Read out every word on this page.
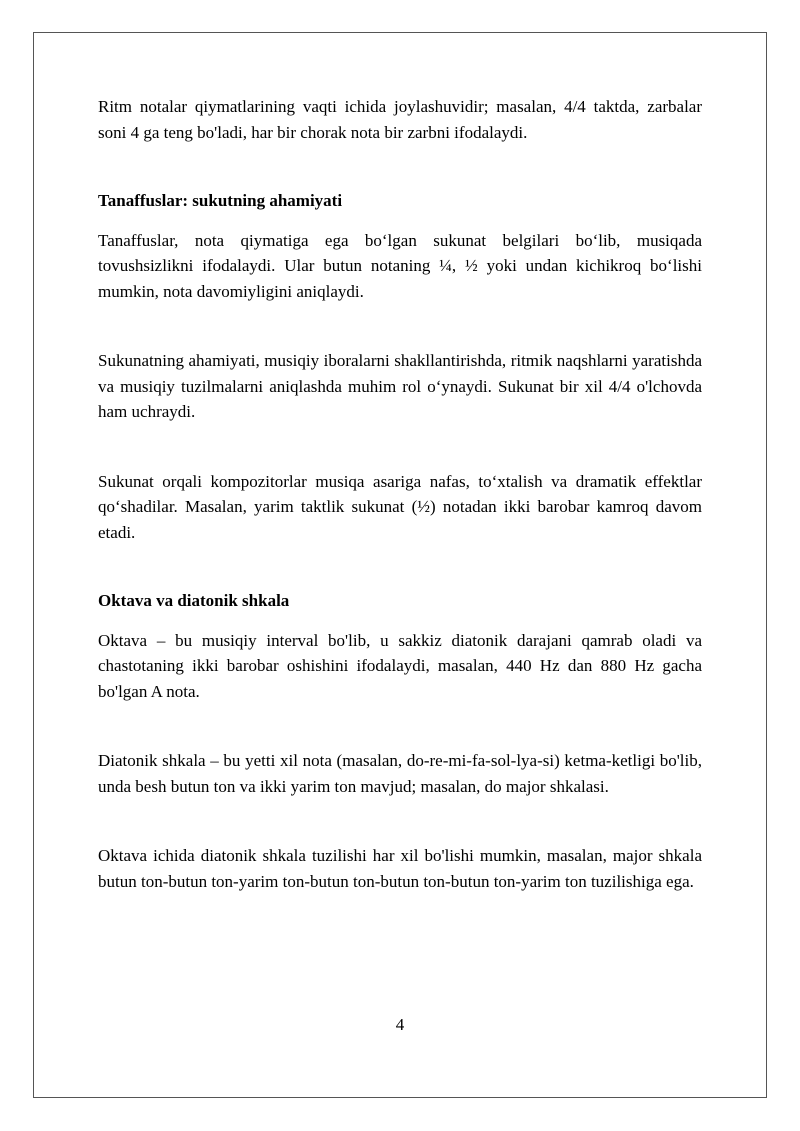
Ritm notalar qiymatlarining vaqti ichida joylashuvidir; masalan, 4/4 taktda, zarbalar soni 4 ga teng bo'ladi, har bir chorak nota bir zarbni ifodalaydi.

Tanaffuslar: sukutning ahamiyati

Tanaffuslar, nota qiymatiga ega bo‘lgan sukunat belgilari bo‘lib, musiqada tovushsizlikni ifodalaydi. Ular butun notaning ¼, ½ yoki undan kichikroq bo‘lishi mumkin, nota davomiyligini aniqlaydi.

Sukunatning ahamiyati, musiqiy iboralarni shakllantirishda, ritmik naqshlarni yaratishda va musiqiy tuzilmalarni aniqlashda muhim rol o‘ynaydi. Sukunat bir xil 4/4 o'lchovda ham uchraydi.

Sukunat orqali kompozitorlar musiqa asariga nafas, to‘xtalish va dramatik effektlar qo‘shadilar. Masalan, yarim taktlik sukunat (½) notadan ikki barobar kamroq davom etadi.

Oktava va diatonik shkala

Oktava – bu musiqiy interval bo'lib, u sakkiz diatonik darajani qamrab oladi va chastotaning ikki barobar oshishini ifodalaydi, masalan, 440 Hz dan 880 Hz gacha bo'lgan A nota.

Diatonik shkala – bu yetti xil nota (masalan, do-re-mi-fa-sol-lya-si) ketma-ketligi bo'lib, unda besh butun ton va ikki yarim ton mavjud; masalan, do major shkalasi.

Oktava ichida diatonik shkala tuzilishi har xil bo'lishi mumkin, masalan, major shkala butun ton-butun ton-yarim ton-butun ton-butun ton-butun ton-yarim ton tuzilishiga ega.

4
